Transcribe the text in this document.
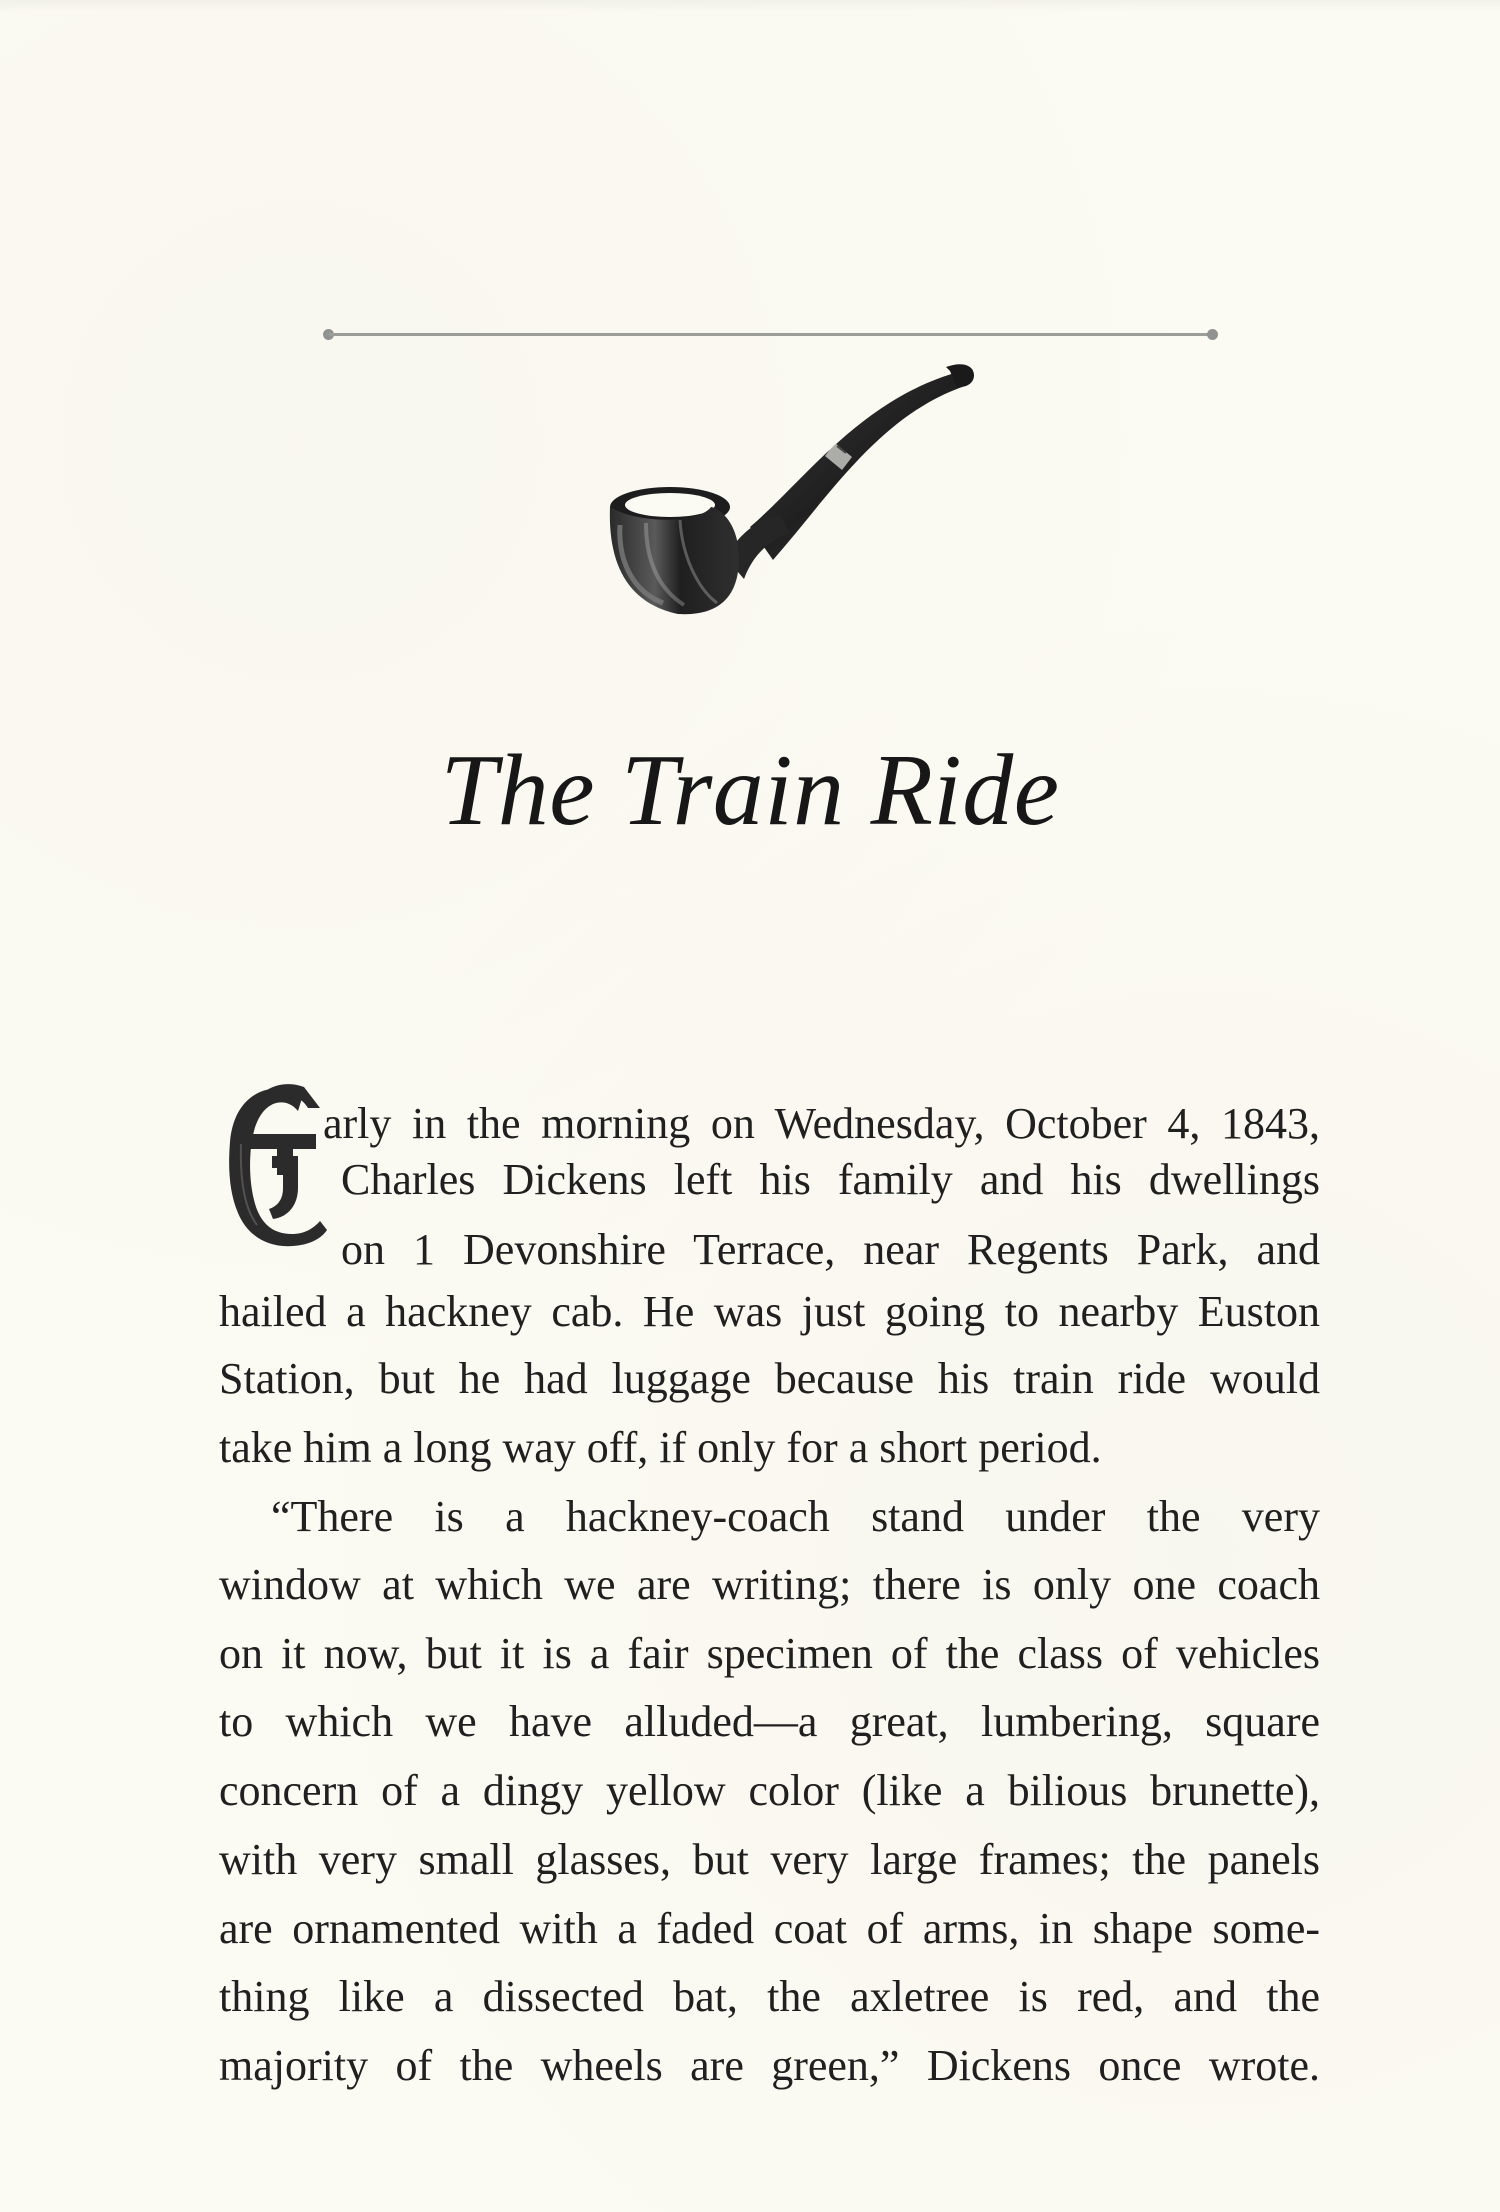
The Train Ride
arly in the morning on Wednesday, October 4, 1843,
Charles Dickens left his family and his dwellings
on 1 Devonshire Terrace, near Regents Park, and
hailed a hackney cab. He was just going to nearby Euston
Station, but he had luggage because his train ride would
take him a long way off, if only for a short period.
“There is a hackney-coach stand under the very
window at which we are writing; there is only one coach
on it now, but it is a fair specimen of the class of vehicles
to which we have alluded—a great, lumbering, square
concern of a dingy yellow color (like a bilious brunette),
with very small glasses, but very large frames; the panels
are ornamented with a faded coat of arms, in shape some-
thing like a dissected bat, the axletree is red, and the
majority of the wheels are green,” Dickens once wrote.
